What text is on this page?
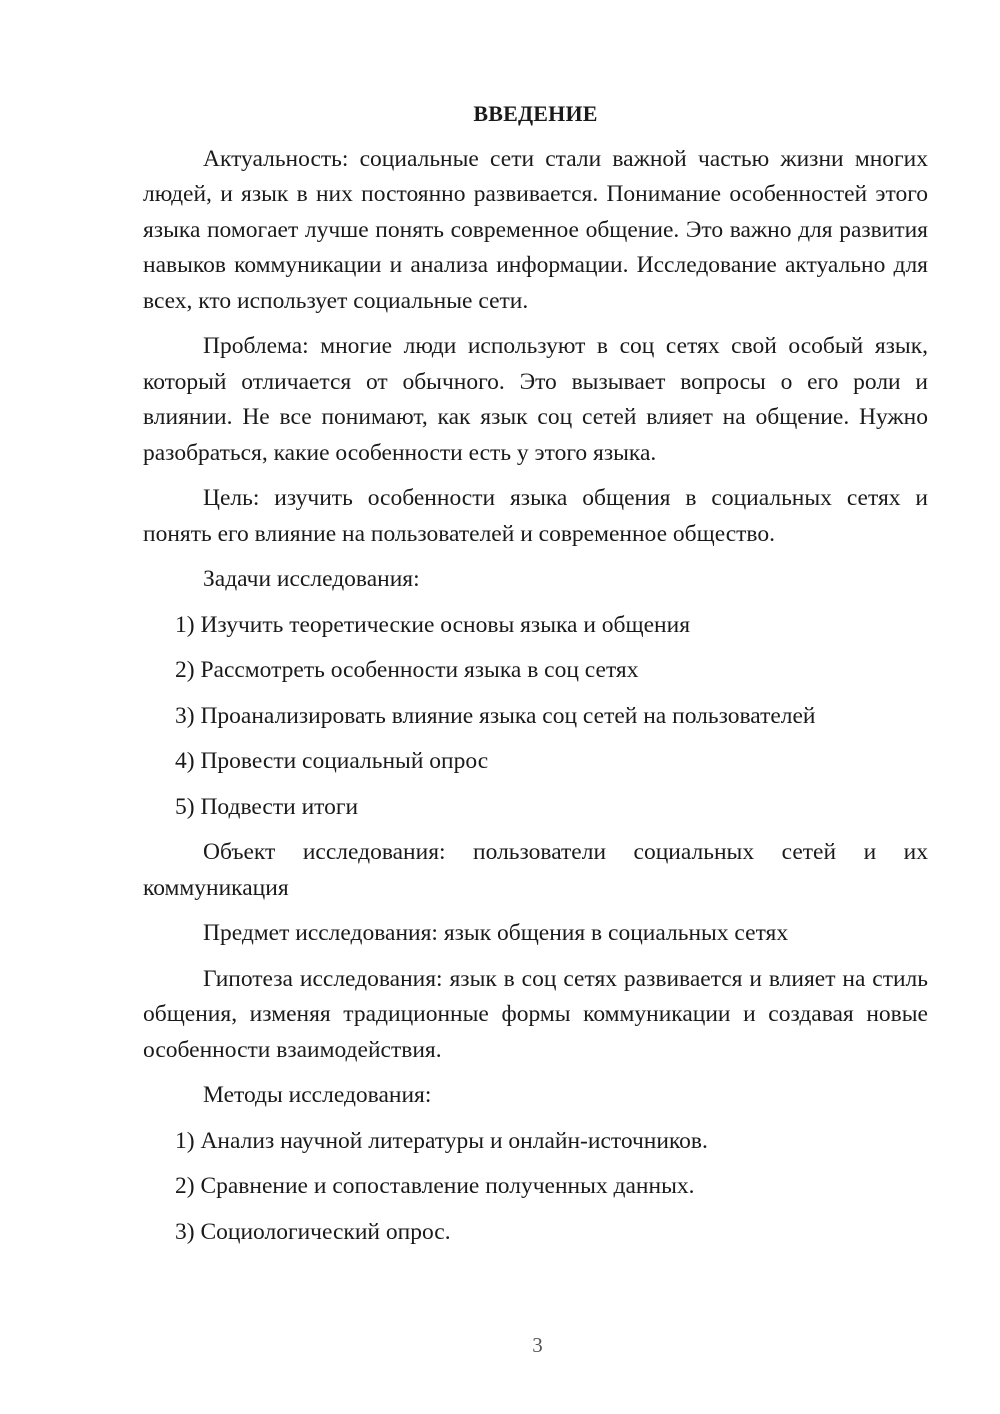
ВВЕДЕНИЕ

Актуальность: социальные сети стали важной частью жизни многих людей, и язык в них постоянно развивается. Понимание особенностей этого языка помогает лучше понять современное общение. Это важно для развития навыков коммуникации и анализа информации. Исследование актуально для всех, кто использует социальные сети.

Проблема: многие люди используют в соц сетях свой особый язык, который отличается от обычного. Это вызывает вопросы о его роли и влиянии. Не все понимают, как язык соц сетей влияет на общение. Нужно разобраться, какие особенности есть у этого языка.

Цель: изучить особенности языка общения в социальных сетях и понять его влияние на пользователей и современное общество.

Задачи исследования:

1) Изучить теоретические основы языка и общения

2) Рассмотреть особенности языка в соц сетях

3) Проанализировать влияние языка соц сетей на пользователей

4) Провести социальный опрос

5) Подвести итоги

Объект исследования: пользователи социальных сетей и их коммуникация

Предмет исследования: язык общения в социальных сетях

Гипотеза исследования: язык в соц сетях развивается и влияет на стиль общения, изменяя традиционные формы коммуникации и создавая новые особенности взаимодействия.

Методы исследования:

1) Анализ научной литературы и онлайн-источников.

2) Сравнение и сопоставление полученных данных.

3) Социологический опрос.

3
